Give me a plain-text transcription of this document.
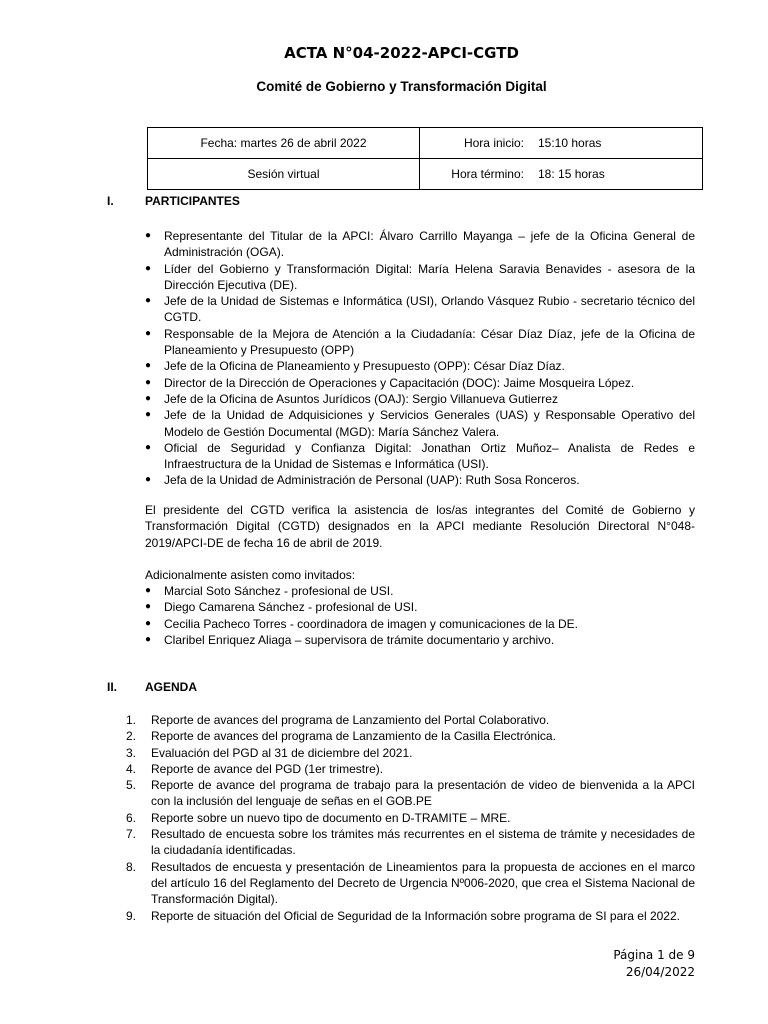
ACTA N°04-2022-APCI-CGTD
Comité de Gobierno y Transformación Digital
Fecha: martes 26 de abril 2022	Hora inicio: 15:10 horas

Sesión virtual	Hora término: 18: 15 horas
I.	PARTICIPANTES
● Representante del Titular de la APCI: Álvaro Carrillo Mayanga – jefe de la Oficina General de Administración (OGA).
● Líder del Gobierno y Transformación Digital: María Helena Saravia Benavides - asesora de la Dirección Ejecutiva (DE).
● Jefe de la Unidad de Sistemas e Informática (USI), Orlando Vásquez Rubio - secretario técnico del CGTD.
● Responsable de la Mejora de Atención a la Ciudadanía: César Díaz Díaz, jefe de la Oficina de Planeamiento y Presupuesto (OPP)
● Jefe de la Oficina de Planeamiento y Presupuesto (OPP): César Díaz Díaz.
● Director de la Dirección de Operaciones y Capacitación (DOC): Jaime Mosqueira López.
● Jefe de la Oficina de Asuntos Jurídicos (OAJ): Sergio Villanueva Gutierrez
● Jefe de la Unidad de Adquisiciones y Servicios Generales (UAS) y Responsable Operativo del Modelo de Gestión Documental (MGD): María Sánchez Valera.
● Oficial de Seguridad y Confianza Digital: Jonathan Ortiz Muñoz– Analista de Redes e Infraestructura de la Unidad de Sistemas e Informática (USI).
● Jefa de la Unidad de Administración de Personal (UAP): Ruth Sosa Ronceros.
El presidente del CGTD verifica la asistencia de los/as integrantes del Comité de Gobierno y Transformación Digital (CGTD) designados en la APCI mediante Resolución Directoral N°048-2019/APCI-DE de fecha 16 de abril de 2019.
Adicionalmente asisten como invitados:
● Marcial Soto Sánchez - profesional de USI.
● Diego Camarena Sánchez - profesional de USI.
● Cecilia Pacheco Torres - coordinadora de imagen y comunicaciones de la DE.
● Claribel Enriquez Aliaga – supervisora de trámite documentario y archivo.
II. AGENDA
1. Reporte de avances del programa de Lanzamiento del Portal Colaborativo.
2. Reporte de avances del programa de Lanzamiento de la Casilla Electrónica.
3. Evaluación del PGD al 31 de diciembre del 2021.
4. Reporte de avance del PGD (1er trimestre).
5. Reporte de avance del programa de trabajo para la presentación de video de bienvenida a la APCI con la inclusión del lenguaje de señas en el GOB.PE
6. Reporte sobre un nuevo tipo de documento en D-TRAMITE – MRE.
7. Resultado de encuesta sobre los trámites más recurrentes en el sistema de trámite y necesidades de la ciudadanía identificadas.
8. Resultados de encuesta y presentación de Lineamientos para la propuesta de acciones en el marco del artículo 16 del Reglamento del Decreto de Urgencia Nº006-2020, que crea el Sistema Nacional de Transformación Digital).
9. Reporte de situación del Oficial de Seguridad de la Información sobre programa de SI para el 2022.
Página 1 de 9
26/04/2022
